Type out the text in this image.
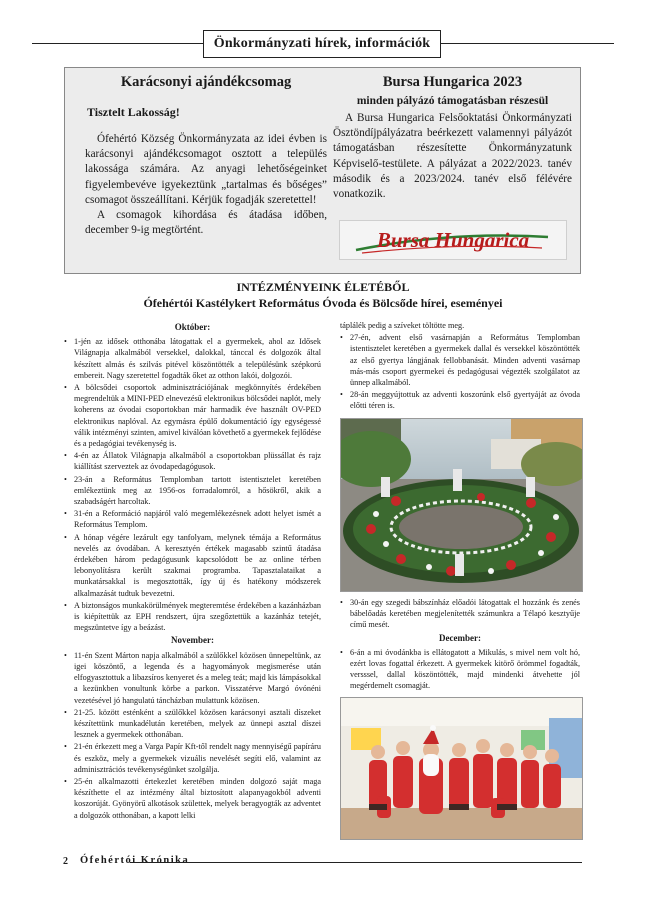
Önkormányzati hírek, információk
Karácsonyi ajándékcsomag
Tisztelt Lakosság!

Ófehértó Község Önkormányzata az idei évben is karácsonyi ajándékcsomagot osztott a település lakossága számára. Az anyagi lehetőségeinket figyelembevéve igyekeztünk „tartalmas és bőséges” csomagot összeállítani. Kérjük fogadják szeretettel!

A csomagok kihordása és átadása időben, december 9-ig megtörtént.

Bursa Hungarica 2023
minden pályázó támogatásban részesül

A Bursa Hungarica Felsőoktatási Önkormányzati Ösztöndíjpályázatra beérkezett valamennyi pályázót támogatásban részesítette Önkormányzatunk Képviselő-testülete. A pályázat a 2022/2023. tanév második és a 2023/2024. tanév első félévére vonatkozik.

Bursa Hungarica
INTÉZMÉNYEINK ÉLETÉBŐL
Ófehértói Kastélykert Református Óvoda és Bölcsőde hírei, eseményei
Október:
• 1-jén az idősek otthonába látogattak el a gyermekek, ahol az Idősek Világnapja alkalmából versekkel, dalokkal, tánccal és dolgozók által készített almás és szilvás pitével köszöntötték a településünk szépkorú embereit. Nagy szeretettel fogadták őket az otthon lakói, dolgozói.
• A bölcsődei csoportok adminisztrációjának megkönnyítés érdekében megrendeltük a MINI-PED elnevezésű elektronikus bölcsődei naplót, mely koherens az óvodai csoportokban már harmadik éve használt OV-PED elektronikus naplóval. Az egymásra épülő dokumentáció így egységessé válik intézményi szinten, amivel kiválóan követhető a gyermekek fejlődése és a pedagógiai tevékenység is.
• 4-én az Állatok Világnapja alkalmából a csoportokban plüssállat és rajz kiállítást szerveztek az óvodapedagógusok.
• 23-án a Református Templomban tartott istentisztelet keretében emlékeztünk meg az 1956-os forradalomról, a hősökről, akik a szabadságért harcoltak.
• 31-én a Reformáció napjáról való megemlékezésnek adott helyet ismét a Református Templom.
• A hónap végére lezárult egy tanfolyam, melynek témája a Református nevelés az óvodában. A keresztyén értékek magasabb szintű átadása érdekében három pedagógusunk kapcsolódott be az online térben lebonyolításra került szakmai programba. Tapasztalataikat a munkatársakkal is megosztották, így új és hatékony módszerek alkalmazását tudtuk bevezetni.
• A biztonságos munkakörülmények megteremtése érdekében a kazánházban is kiépítettük az EPH rendszert, újra szegőztettük a kazánház tetejét, megszüntetve így a beázást.
November:
• 11-én Szent Márton napja alkalmából a szülőkkel közösen ünnepeltünk, az igei köszöntő, a legenda és a hagyományok megismerése után elfogyasztottuk a libazsíros kenyeret és a meleg teát; majd kis lámpásokkal a kezünkben vonultunk körbe a parkon. Visszatérve Margó óvónéni vezetésével jó hangulatú táncházban mulattunk közösen.
• 21-25. között esténként a szülőkkel közösen karácsonyi asztali díszeket készítettünk munkadélután keretében, melyek az ünnepi asztal díszei lesznek a gyermekek otthonában.
• 21-én érkezett meg a Varga Papír Kft-től rendelt nagy mennyiségű papíráru és eszköz, mely a gyermekek vizuális nevelését segíti elő, valamint az adminisztrációs tevékenységünket szolgálja.
• 25-én alkalmazotti értekezlet keretében minden dolgozó saját maga készíthette el az intézmény által biztosított alapanyagokból adventi koszorúját. Gyönyörű alkotások születtek, melyek beragyogták az adventet a dolgozók otthonában, a kapott lelki
táplálék pedig a szíveket töltötte meg.
• 27-én, advent első vasárnapján a Református Templomban istentisztelet keretében a gyermekek dallal és versekkel köszöntötték az első gyertya lángjának fellobbanását. Minden adventi vasárnap más-más csoport gyermekei és pedagógusai végezték szolgálatot az ünnep alkalmából.
• 28-án meggyújtottuk az adventi koszorúnk első gyertyáját az óvoda előtti téren is.
• 30-án egy szegedi bábszínház előadói látogattak el hozzánk és zenés bábelőadás keretében megjelenítették számunkra a Télapó kesztyűje című mesét.
December:
• 6-án a mi óvodánkba is ellátogatott a Mikulás, s mivel nem volt hó, ezért lovas fogattal érkezett. A gyermekek kitörő örömmel fogadták, versssel, dallal köszöntötték, majd mindenki átvehette jól megérdemelt csomagját.
2 Ófehértói Krónika
